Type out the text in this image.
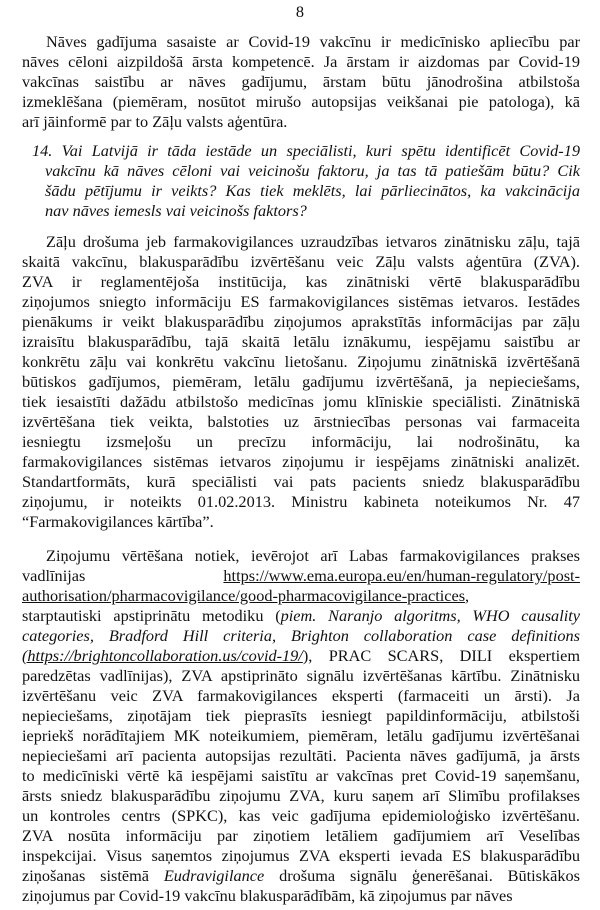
8
Nāves gadījuma sasaiste ar Covid-19 vakcīnu ir medicīnisko apliecību par
nāves cēloni aizpildošā ārsta kompetencē. Ja ārstam ir aizdomas par Covid-19
vakcīnas saistību ar nāves gadījumu, ārstam būtu jānodrošina atbilstoša
izmeklēšana (piemēram, nosūtot mirušo autopsijas veikšanai pie patologa), kā
arī jāinformē par to Zāļu valsts aģentūra.
14. Vai Latvijā ir tāda iestāde un speciālisti, kuri spētu identificēt Covid-19
vakcīnu kā nāves cēloni vai veicinošu faktoru, ja tas tā patiešām būtu? Cik
šādu pētījumu ir veikts? Kas tiek meklēts, lai pārliecinātos, ka vakcinācija
nav nāves iemesls vai veicinošs faktors?
Zāļu drošuma jeb farmakovigilances uzraudzības ietvaros zinātnisku zāļu, tajā
skaitā vakcīnu, blakusparādību izvērtēšanu veic Zāļu valsts aģentūra (ZVA).
ZVA ir reglamentējoša institūcija, kas zinātniski vērtē blakusparādību
ziņojumos sniegto informāciju ES farmakovigilances sistēmas ietvaros. Iestādes
pienākums ir veikt blakusparādību ziņojumos aprakstītās informācijas par zāļu
izraisītu blakusparādību, tajā skaitā letālu iznākumu, iespējamu saistību ar
konkrētu zāļu vai konkrētu vakcīnu lietošanu. Ziņojumu zinātniskā izvērtēšanā
būtiskos gadījumos, piemēram, letālu gadījumu izvērtēšanā, ja nepieciešams,
tiek iesaistīti dažādu atbilstošo medicīnas jomu klīniskie speciālisti. Zinātniskā
izvērtēšana tiek veikta, balstoties uz ārstniecības personas vai farmaceita
iesniegtu izsmeļošu un precīzu informāciju, lai nodrošinātu, ka
farmakovigilances sistēmas ietvaros ziņojumu ir iespējams zinātniski analizēt.
Standartformāts, kurā speciālisti vai pats pacients sniedz blakusparādību
ziņojumu, ir noteikts 01.02.2013. Ministru kabineta noteikumos Nr. 47
“Farmakovigilances kārtība”.
Ziņojumu vērtēšana notiek, ievērojot arī Labas farmakovigilances prakses
vadlīnijas https://www.ema.europa.eu/en/human-regulatory/post-
authorisation/pharmacovigilance/good-pharmacovigilance-practices,
starptautiski apstiprinātu metodiku (piem. Naranjo algoritms, WHO causality
categories, Bradford Hill criteria, Brighton collaboration case definitions
(https://brightoncollaboration.us/covid-19/), PRAC SCARS, DILI ekspertiem
paredzētas vadlīnijas), ZVA apstiprināto signālu izvērtēšanas kārtību. Zinātnisku
izvērtēšanu veic ZVA farmakovigilances eksperti (farmaceiti un ārsti). Ja
nepieciešams, ziņotājam tiek pieprasīts iesniegt papildinformāciju, atbilstoši
iepriekš norādītajiem MK noteikumiem, piemēram, letālu gadījumu izvērtēšanai
nepieciešami arī pacienta autopsijas rezultāti. Pacienta nāves gadījumā, ja ārsts
to medicīniski vērtē kā iespējami saistītu ar vakcīnas pret Covid-19 saņemšanu,
ārsts sniedz blakusparādību ziņojumu ZVA, kuru saņem arī Slimību profilakses
un kontroles centrs (SPKC), kas veic gadījuma epidemioloģisko izvērtēšanu.
ZVA nosūta informāciju par ziņotiem letāliem gadījumiem arī Veselības
inspekcijai. Visus saņemtos ziņojumus ZVA eksperti ievada ES blakusparādību
ziņošanas sistēmā Eudravigilance drošuma signālu ģenerēšanai. Būtiskākos
ziņojumus par Covid-19 vakcīnu blakusparādībām, kā ziņojumus par nāves
